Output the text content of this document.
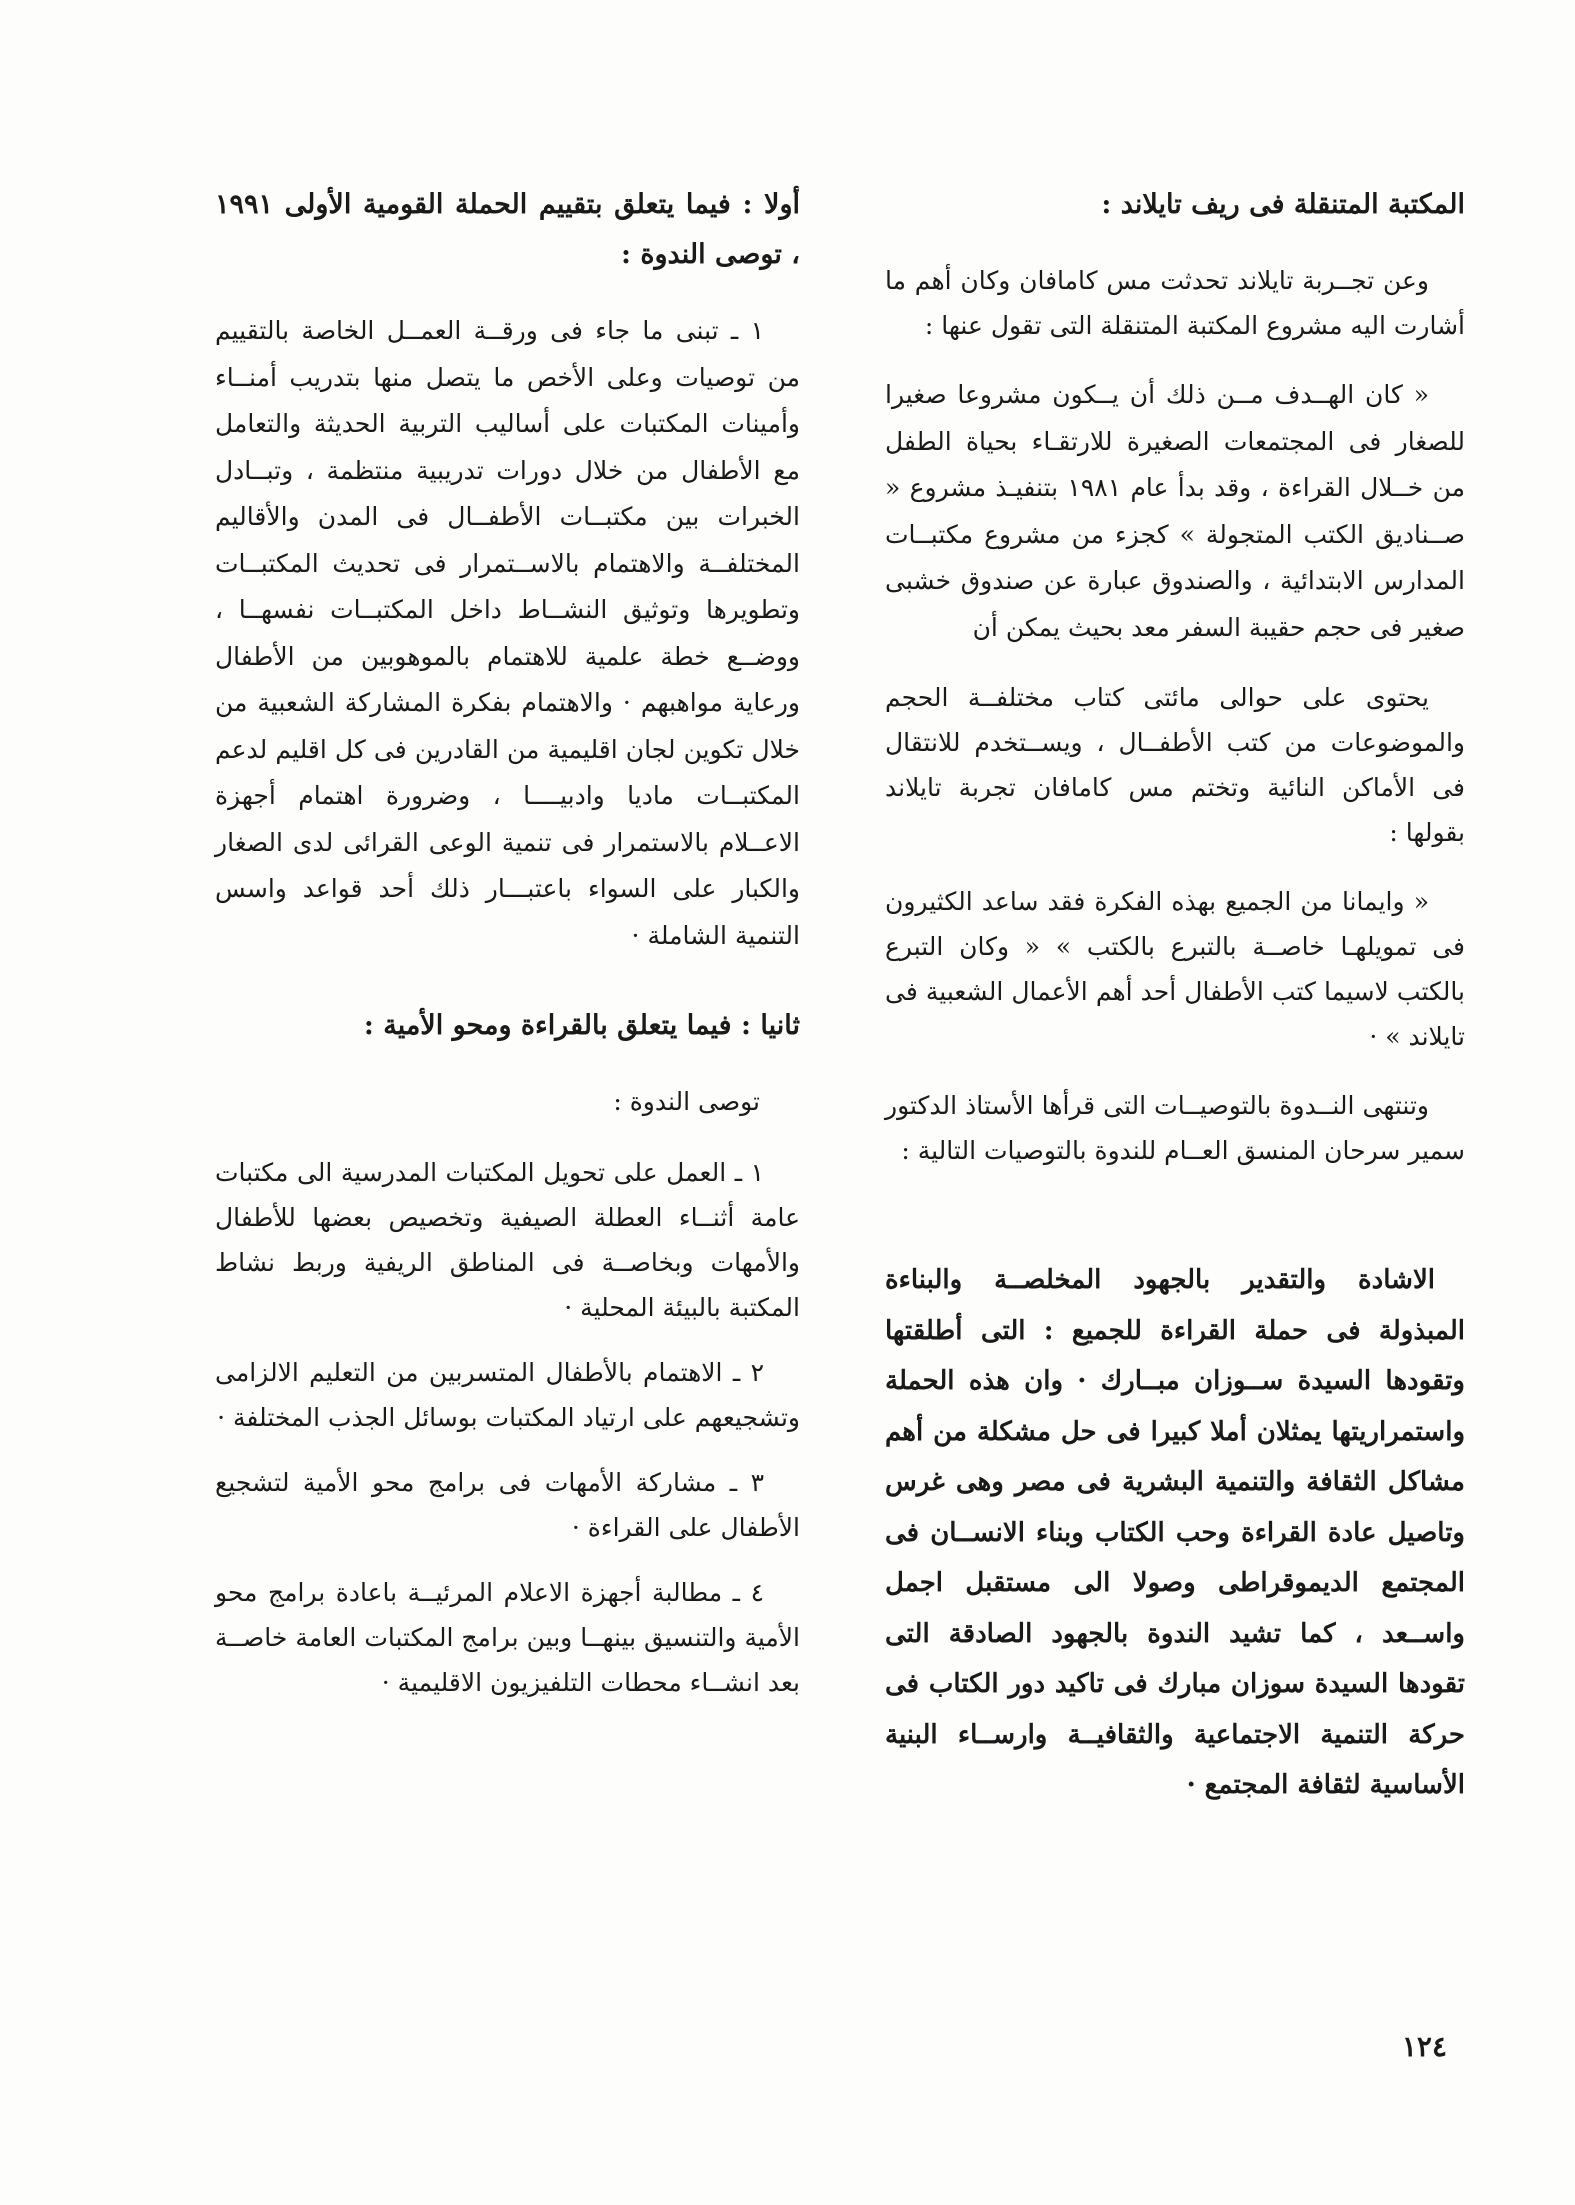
المكتبة المتنقلة فى ريف تايلاند :

وعن تجــربة تايلاند تحدثت مس كامافان وكان أهم ما أشارت اليه مشروع المكتبة المتنقلة التى تقول عنها :

« كان الهــدف مــن ذلك أن يــكون مشروعا صغيرا للصغار فى المجتمعات الصغيرة للارتقـاء بحياة الطفل من خــلال القراءة ، وقد بدأ عام ١٩٨١ بتنفيـذ مشروع « صــناديق الكتب المتجولة » كجزء من مشروع مكتبــات المدارس الابتدائية ، والصندوق عبارة عن صندوق خشبى صغير فى حجم حقيبة السفر معد بحيث يمكن أن

يحتوى على حوالى مائتى كتاب مختلفــة الحجم والموضوعات من كتب الأطفــال ، ويســتخدم للانتقال فى الأماكن النائية وتختم مس كامافان تجربة تايلاند بقولها :

« وايمانا من الجميع بهذه الفكرة فقد ساعد الكثيرون فى تمويلهـا خاصــة بالتبرع بالكتب » « وكان التبرع بالكتب لاسيما كتب الأطفال أحد أهم الأعمال الشعبية فى تايلاند » ·

وتنتهى النــدوة بالتوصيــات التى قرأها الأستاذ الدكتور سمير سرحان المنسق العــام للندوة بالتوصيات التالية :

الاشادة والتقدير بالجهود المخلصــة والبناءة المبذولة فى حملة القراءة للجميع : التى أطلقتها وتقودها السيدة ســوزان مبــارك · وان هذه الحملة واستمراريتها يمثلان أملا كبيرا فى حل مشكلة من أهم مشاكل الثقافة والتنمية البشرية فى مصر وهى غرس وتاصيل عادة القراءة وحب الكتاب وبناء الانســان فى المجتمع الديموقراطى وصولا الى مستقبل اجمل واســعد ، كما تشيد الندوة بالجهود الصادقة التى تقودها السيدة سوزان مبارك فى تاكيد دور الكتاب فى حركة التنمية الاجتماعية والثقافيــة وارســاء البنية الأساسية لثقافة المجتمع ·

أولا : فيما يتعلق بتقييم الحملة القومية الأولى ١٩٩١ ، توصى الندوة :

١ ـ تبنى ما جاء فى ورقــة العمــل الخاصة بالتقييم من توصيات وعلى الأخص ما يتصل منها بتدريب أمنــاء وأمينات المكتبات على أساليب التربية الحديثة والتعامل مع الأطفال من خلال دورات تدريبية منتظمة ، وتبــادل الخبرات بين مكتبــات الأطفــال فى المدن والأقاليم المختلفــة والاهتمام بالاســتمرار فى تحديث المكتبــات وتطويرها وتوثيق النشــاط داخل المكتبــات نفسهــا ، ووضــع خطة علمية للاهتمام بالموهوبين من الأطفال ورعاية مواهبهم · والاهتمام بفكرة المشاركة الشعبية من خلال تكوين لجان اقليمية من القادرين فى كل اقليم لدعم المكتبــات ماديا وادبيــــا ، وضرورة اهتمام أجهزة الاعــلام بالاستمرار فى تنمية الوعى القرائى لدى الصغار والكبار على السواء باعتبـــار ذلك أحد قواعد واسس التنمية الشاملة ·

ثانيا : فيما يتعلق بالقراءة ومحو الأمية :

توصى الندوة :

١ ـ العمل على تحويل المكتبات المدرسية الى مكتبات عامة أثنــاء العطلة الصيفية وتخصيص بعضها للأطفال والأمهات وبخاصــة فى المناطق الريفية وربط نشاط المكتبة بالبيئة المحلية ·

٢ ـ الاهتمام بالأطفال المتسربين من التعليم الالزامى وتشجيعهم على ارتياد المكتبات بوسائل الجذب المختلفة ·

٣ ـ مشاركة الأمهات فى برامج محو الأمية لتشجيع الأطفال على القراءة ·

٤ ـ مطالبة أجهزة الاعلام المرئيــة باعادة برامج محو الأمية والتنسيق بينهــا وبين برامج المكتبات العامة خاصــة بعد انشــاء محطات التلفيزيون الاقليمية ·

١٢٤
